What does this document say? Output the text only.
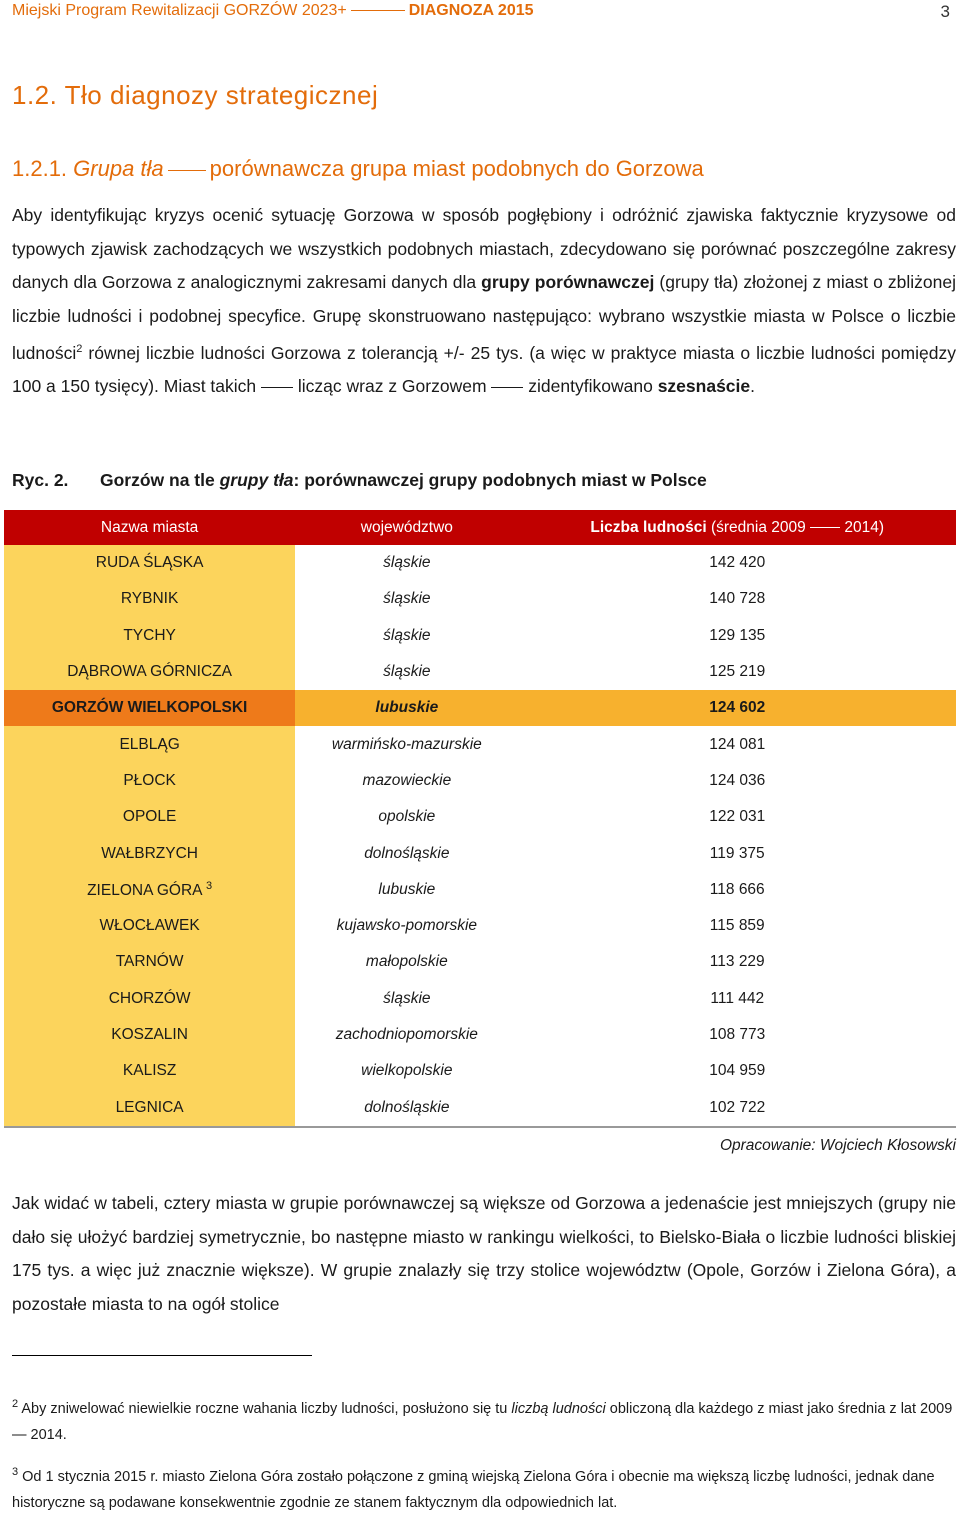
Miejski Program Rewitalizacji GORZÓW 2023+	DIAGNOZA 2015	3
1.2. Tło diagnozy strategicznej
1.2.1. Grupa tła porównawcza grupa miast podobnych do Gorzowa
Aby identyfikując kryzys ocenić sytuację Gorzowa w sposób pogłębiony i odróżnić zjawiska faktycznie kryzysowe od typowych zjawisk zachodzących we wszystkich podobnych miastach, zdecydowano się porównać poszczególne zakresy danych dla Gorzowa z analogicznymi zakresami danych dla grupy porównawczej (grupy tła) złożonej z miast o zbliżonej liczbie ludności i podobnej specyfice. Grupę skonstruowano następująco: wybrano wszystkie miasta w Polsce o liczbie ludności$^2$ równej liczbie ludności Gorzowa z tolerancją +/- 25 tys. (a więc w praktyce miasta o liczbie ludności pomiędzy 100 a 150 tysięcy). Miast takich licząc wraz z Gorzowem zidentyfikowano szesnaście.
Ryc. 2. Gorzów na tle grupy tła: porównawczej grupy podobnych miast w Polsce
Nazwa miasta	województwo	Liczba ludności (średnia 2009 2014)
RUDA ŚLĄSKA	śląskie	142 420
RYBNIK	śląskie	140 728
TYCHY	śląskie	129 135
DĄBROWA GÓRNICZA	śląskie	125 219
GORZÓW WIELKOPOLSKI	lubuskie	124 602
ELBLĄG	warmińsko-mazurskie	124 081
PŁOCK	mazowieckie	124 036
OPOLE	opolskie	122 031
WAŁBRZYCH	dolnośląskie	119 375
ZIELONA GÓRA $^3$	lubuskie	118 666
WŁOCŁAWEK	kujawsko-pomorskie	115 859
TARNÓW	małopolskie	113 229
CHORZÓW	śląskie	111 442
KOSZALIN	zachodniopomorskie	108 773
KALISZ	wielkopolskie	104 959
LEGNICA	dolnośląskie	102 722
Opracowanie: Wojciech Kłosowski
Jak widać w tabeli, cztery miasta w grupie porównawczej są większe od Gorzowa a jedenaście jest mniejszych (grupy nie dało się ułożyć bardziej symetrycznie, bo następne miasto w rankingu wielkości, to Bielsko-Biała o liczbie ludności bliskiej 175 tys. a więc już znacznie większe). W grupie znalazły się trzy stolice województw (Opole, Gorzów i Zielona Góra), a pozostałe miasta to na ogół stolice
$^2$ Aby zniwelować niewielkie roczne wahania liczby ludności, posłużono się tu liczbą ludności obliczoną dla każdego z miast jako średnia z lat 2009 — 2014.
$^3$ Od 1 stycznia 2015 r. miasto Zielona Góra zostało połączone z gminą wiejską Zielona Góra i obecnie ma większą liczbę ludności, jednak dane historyczne są podawane konsekwentnie zgodnie ze stanem faktycznym dla odpowiednich lat.
